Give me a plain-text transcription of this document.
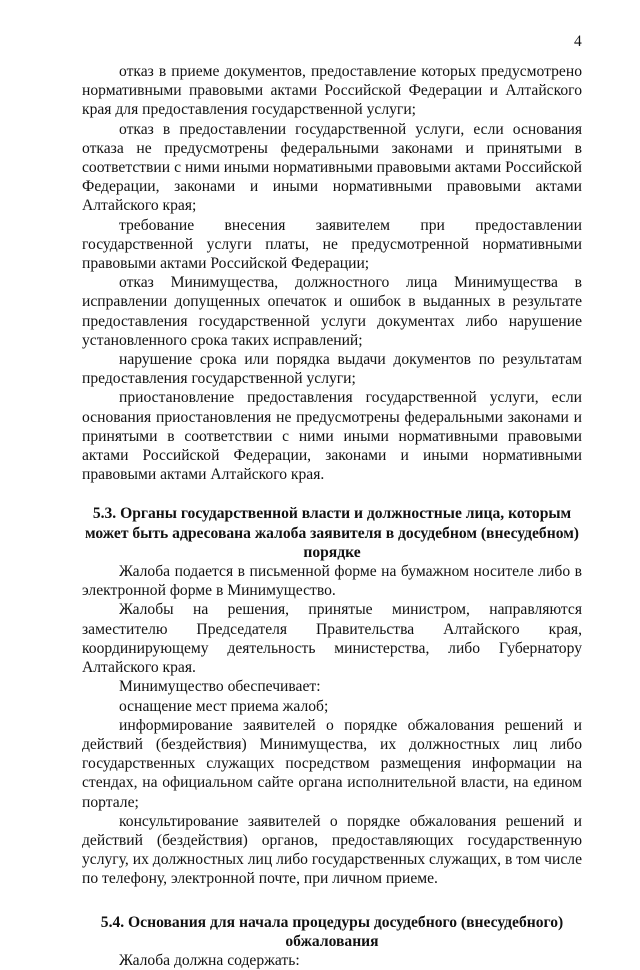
4

отказ в приеме документов, предоставление которых предусмотрено нормативными правовыми актами Российской Федерации и Алтайского края для предоставления государственной услуги;

отказ в предоставлении государственной услуги, если основания отказа не предусмотрены федеральными законами и принятыми в соответствии с ними иными нормативными правовыми актами Российской Федерации, законами и иными нормативными правовыми актами Алтайского края;

требование внесения заявителем при предоставлении государственной услуги платы, не предусмотренной нормативными правовыми актами Российской Федерации;

отказ Минимущества, должностного лица Минимущества в исправлении допущенных опечаток и ошибок в выданных в результате предоставления государственной услуги документах либо нарушение установленного срока таких исправлений;

нарушение срока или порядка выдачи документов по результатам предоставления государственной услуги;

приостановление предоставления государственной услуги, если основания приостановления не предусмотрены федеральными законами и принятыми в соответствии с ними иными нормативными правовыми актами Российской Федерации, законами и иными нормативными правовыми актами Алтайского края.

5.3. Органы государственной власти и должностные лица, которым может быть адресована жалоба заявителя в досудебном (внесудебном) порядке

Жалоба подается в письменной форме на бумажном носителе либо в электронной форме в Минимущество.

Жалобы на решения, принятые министром, направляются заместителю Председателя Правительства Алтайского края, координирующему деятельность министерства, либо Губернатору Алтайского края.

Минимущество обеспечивает:

оснащение мест приема жалоб;

информирование заявителей о порядке обжалования решений и действий (бездействия) Минимущества, их должностных лиц либо государственных служащих посредством размещения информации на стендах, на официальном сайте органа исполнительной власти, на едином портале;

консультирование заявителей о порядке обжалования решений и действий (бездействия) органов, предоставляющих государственную услугу, их должностных лиц либо государственных служащих, в том числе по телефону, электронной почте, при личном приеме.

5.4. Основания для начала процедуры досудебного (внесудебного) обжалования

Жалоба должна содержать:
